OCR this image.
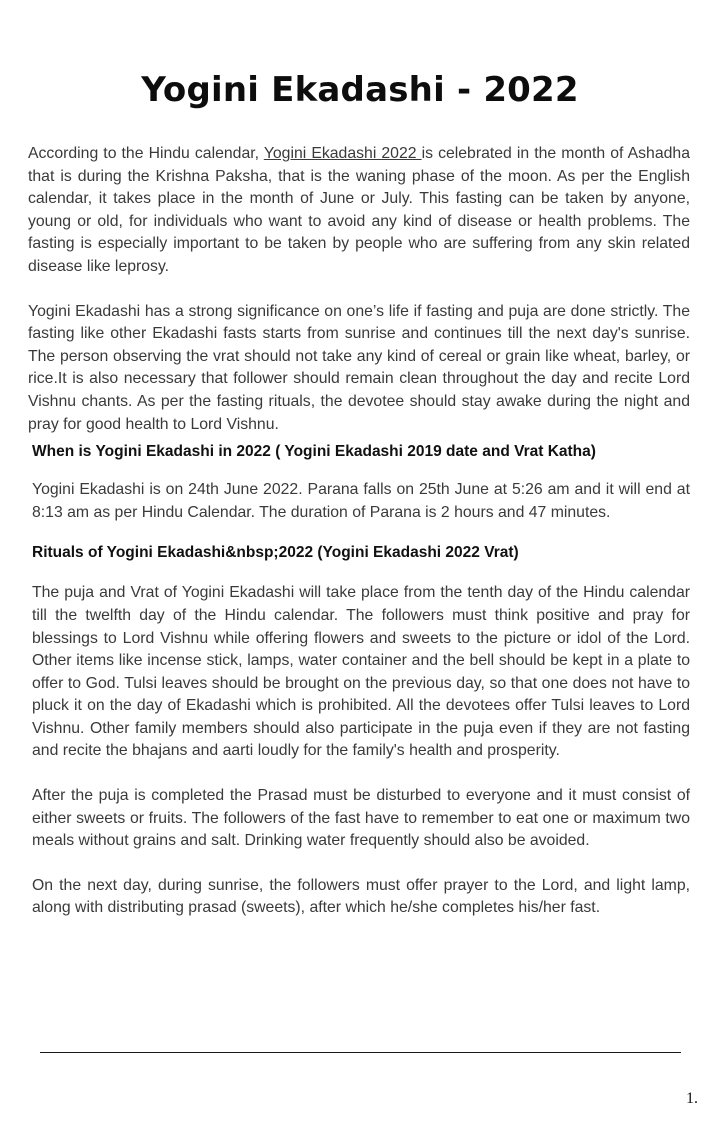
Yogini Ekadashi - 2022

According to the Hindu calendar, Yogini Ekadashi 2022 is celebrated in the month of Ashadha that is during the Krishna Paksha, that is the waning phase of the moon. As per the English calendar, it takes place in the month of June or July. This fasting can be taken by anyone, young or old, for individuals who want to avoid any kind of disease or health problems. The fasting is especially important to be taken by people who are suffering from any skin related disease like leprosy.

Yogini Ekadashi has a strong significance on one’s life if fasting and puja are done strictly. The fasting like other Ekadashi fasts starts from sunrise and continues till the next day's sunrise. The person observing the vrat should not take any kind of cereal or grain like wheat, barley, or rice.It is also necessary that follower should remain clean throughout the day and recite Lord Vishnu chants. As per the fasting rituals, the devotee should stay awake during the night and pray for good health to Lord Vishnu.

When is Yogini Ekadashi in 2022 ( Yogini Ekadashi 2019 date and Vrat Katha)

Yogini Ekadashi is on 24th June 2022. Parana falls on 25th June at 5:26 am and it will end at 8:13 am as per Hindu Calendar. The duration of Parana is 2 hours and 47 minutes.

Rituals of Yogini Ekadashi&nbsp;2022 (Yogini Ekadashi 2022 Vrat)

The puja and Vrat of Yogini Ekadashi will take place from the tenth day of the Hindu calendar till the twelfth day of the Hindu calendar. The followers must think positive and pray for blessings to Lord Vishnu while offering flowers and sweets to the picture or idol of the Lord. Other items like incense stick, lamps, water container and the bell should be kept in a plate to offer to God. Tulsi leaves should be brought on the previous day, so that one does not have to pluck it on the day of Ekadashi which is prohibited. All the devotees offer Tulsi leaves to Lord Vishnu. Other family members should also participate in the puja even if they are not fasting and recite the bhajans and aarti loudly for the family's health and prosperity.

After the puja is completed the Prasad must be disturbed to everyone and it must consist of either sweets or fruits. The followers of the fast have to remember to eat one or maximum two meals without grains and salt. Drinking water frequently should also be avoided.

On the next day, during sunrise, the followers must offer prayer to the Lord, and light lamp, along with distributing prasad (sweets), after which he/she completes his/her fast.

1.
